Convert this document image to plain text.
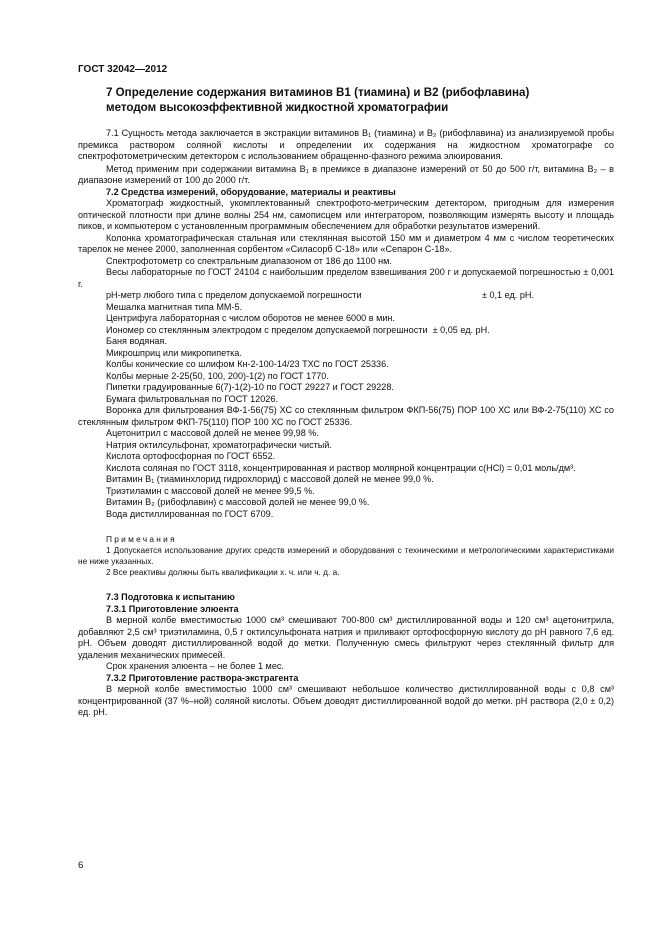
ГОСТ 32042—2012
7 Определение содержания витаминов В1 (тиамина) и В2 (рибофлавина)
методом высокоэффективной жидкостной хроматографии

7.1 Сущность метода заключается в экстракции витаминов В₁ (тиамина) и В₂ (рибофлавина) из анализируемой пробы премикса раствором соляной кислоты и определении их содержания на жидкостном хроматографе со спектрофотометрическим детектором с использованием обращенно-фазного режима элюирования.

Метод применим при содержании витамина В₁ в премиксе в диапазоне измерений от 50 до 500 г/т, витамина В₂ – в диапазоне измерений от 100 до 2000 г/т.

7.2 Средства измерений, оборудование, материалы и реактивы

Хроматограф жидкостный, укомплектованный спектрофото-метрическим детектором, пригодным для измерения оптической плотности при длине волны 254 нм, самописцем или интегратором, позволяющим измерять высоту и площадь пиков, и компьютером с установленным программным обеспечением для обработки результатов измерений.

Колонка хроматографическая стальная или стеклянная высотой 150 мм и диаметром 4 мм с числом теоретических тарелок не менее 2000, заполненная сорбентом «Силасорб С-18» или «Сепарон С-18».

Спектрофотометр со спектральным диапазоном от 186 до 1100 нм.

Весы лабораторные по ГОСТ 24104 с наибольшим пределом взвешивания 200 г и допускаемой погрешностью ± 0,001 г.

рН-метр любого типа с пределом допускаемой погрешности	± 0,1 ед. рН.

Мешалка магнитная типа ММ-5.

Центрифуга лабораторная с числом оборотов не менее 6000 в мин.

Иономер со стеклянным электродом с пределом допускаемой погрешности
± 0,05 ед. рН.

Баня водяная.

Микрошприц или микропипетка.

Колбы конические со шлифом Кн-2-100-14/23 ТХС по ГОСТ 25336.

Колбы мерные 2-25(50, 100, 200)-1(2) по ГОСТ 1770.

Пипетки градуированные 6(7)-1(2)-10 по ГОСТ 29227 и ГОСТ 29228.

Бумага фильтровальная по ГОСТ 12026.

Воронка для фильтрования ВФ-1-56(75) ХС со стеклянным фильтром ФКП-56(75) ПОР 100 ХС или ВФ-2-75(110) ХС со стеклянным фильтром ФКП-75(110) ПОР 100 ХС по ГОСТ 25336.

Ацетонитрил с массовой долей не менее 99,98 %.

Натрия октилсульфонат, хроматографически чистый.

Кислота ортофосфорная по ГОСТ 6552.

Кислота соляная по ГОСТ 3118, концентрированная и раствор молярной концентрации с(НСl) = 0,01 моль/дм³.

Витамин В₁ (тиаминхлорид гидрохлорид) с массовой долей не менее 99,0 %.

Триэтиламин с массовой долей не менее 99,5 %.

Витамин В₂ (рибофлавин) с массовой долей не менее 99,0 %.

Вода дистиллированная по ГОСТ 6709.

Примечания

1 Допускается использование других средств измерений и оборудования с техническими и метрологическими характеристиками не ниже указанных.

2 Все реактивы должны быть квалификации х. ч. или ч. д. а.

7.3 Подготовка к испытанию

7.3.1 Приготовление элюента

В мерной колбе вместимостью 1000 см³ смешивают 700-800 см³ дистиллированной воды и 120 см³ ацетонитрила, добавляют 2,5 см³ триэтиламина, 0,5 г октилсульфоната натрия и приливают ортофосфорную кислоту до рН равного 7,6 ед. рН. Объем доводят дистиллированной водой до метки. Полученную смесь фильтруют через стеклянный фильтр для удаления механических примесей.

Срок хранения элюента – не более 1 мес.

7.3.2 Приготовление раствора-экстрагента

В мерной колбе вместимостью 1000 см³ смешивают небольшое количество дистиллированной воды с 0,8 см³ концентрированной (37 %–ной) соляной кислоты. Объем доводят дистиллированной водой до метки. рН раствора (2,0 ± 0,2) ед. рН.

6
